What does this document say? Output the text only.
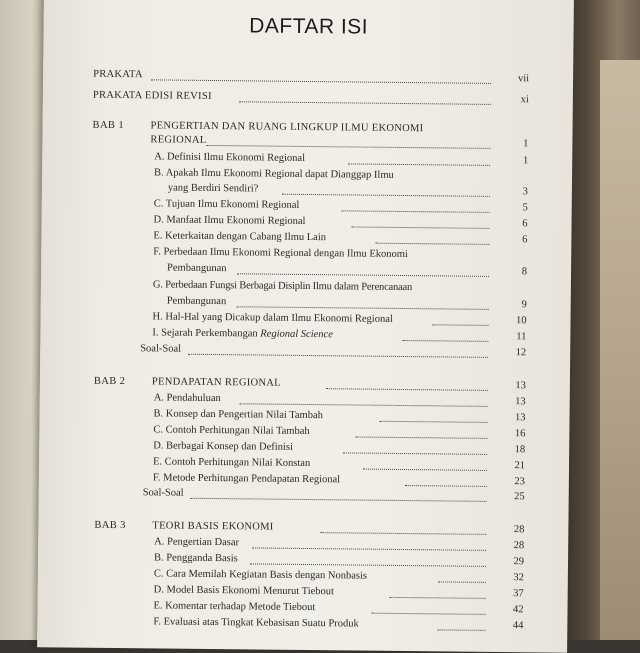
DAFTAR ISI
PRAKATA	vii
PRAKATA EDISI REVISI	xi
BAB 1	PENGERTIAN DAN RUANG LINGKUP ILMU EKONOMI
REGIONAL	1
A. Definisi Ilmu Ekonomi Regional	1
B. Apakah Ilmu Ekonomi Regional dapat Dianggap Ilmu
yang Berdiri Sendiri?	3
C. Tujuan Ilmu Ekonomi Regional	5
D. Manfaat Ilmu Ekonomi Regional	6
E. Keterkaitan dengan Cabang Ilmu Lain	6
F. Perbedaan Ilmu Ekonomi Regional dengan Ilmu Ekonomi
Pembangunan	8
G. Perbedaan Fungsi Berbagai Disiplin Ilmu dalam Perencanaan
Pembangunan	9
H. Hal-Hal yang Dicakup dalam Ilmu Ekonomi Regional	10
I. Sejarah Perkembangan Regional Science	11
Soal-Soal	12
BAB 2	PENDAPATAN REGIONAL	13
A. Pendahuluan	13
B. Konsep dan Pengertian Nilai Tambah	13
C. Contoh Perhitungan Nilai Tambah	16
D. Berbagai Konsep dan Definisi	18
E. Contoh Perhitungan Nilai Konstan	21
F. Metode Perhitungan Pendapatan Regional	23
Soal-Soal	25
BAB 3	TEORI BASIS EKONOMI	28
A. Pengertian Dasar	28
B. Pengganda Basis	29
C. Cara Memilah Kegiatan Basis dengan Nonbasis	32
D. Model Basis Ekonomi Menurut Tiebout	37
E. Komentar terhadap Metode Tiebout	42
F. Evaluasi atas Tingkat Kebasisan Suatu Produk	44
